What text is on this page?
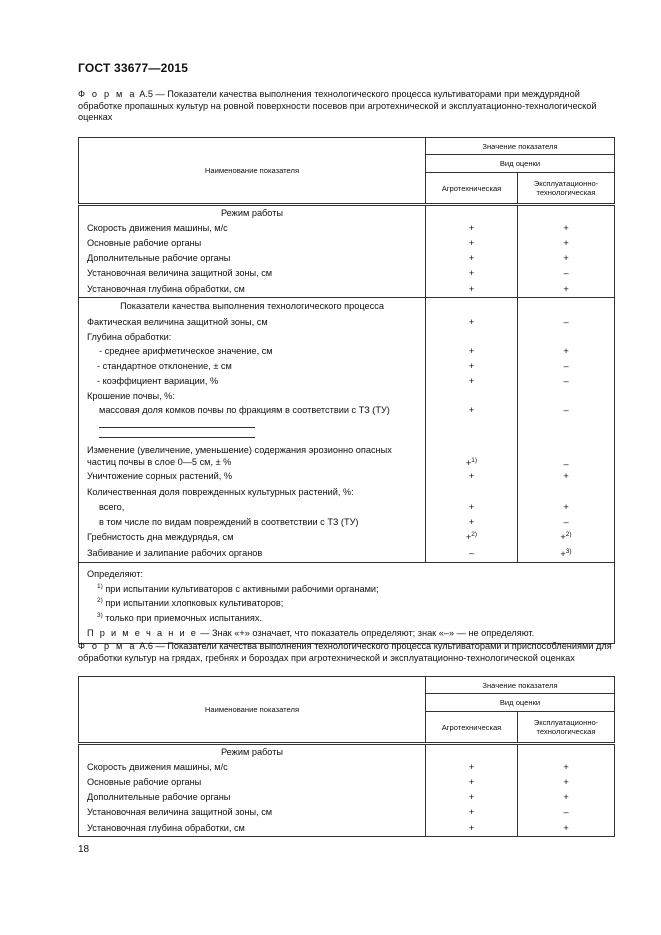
ГОСТ 33677—2015
Ф о р м а А.5 — Показатели качества выполнения технологического процесса культиваторами при междурядной обработке пропашных культур на ровной поверхности посевов при агротехнической и эксплуатационно-технологической оценках
Наименование показателя	Значение показателя	
	Вид оценки	
	Агротехническая	Эксплуатационно-
технологическая
Режим работы		
Скорость движения машины, м/с	+	+
Основные рабочие органы	+	+
Дополнительные рабочие органы	+	+
Установочная величина защитной зоны, см	+	–
Установочная глубина обработки, см	+	+
Показатели качества выполнения технологического процесса		
Фактическая величина защитной зоны, см	+	–
Глубина обработки:		
- среднее арифметическое значение, см	+	+
- стандартное отклонение, ± см	+	–
- коэффициент вариации, %	+	–
Крошение почвы, %:		
массовая доля комков почвы по фракциям в соответствии с ТЗ (ТУ)	+	–

Изменение (увеличение, уменьшение) содержания эрозионно опасных
частиц почвы в слое 0—5 см, ± %	+$^{1)}$	–
Уничтожение сорных растений, %	+	+
Количественная доля поврежденных культурных растений, %:		
всего,	+	+
в том числе по видам повреждений в соответствии с ТЗ (ТУ)	+	–
Гребнистость дна междурядья, см	+$^{2)}$	+$^{2)}$
Забивание и залипание рабочих органов	–	+$^{3)}$

Определяют:
$^{1)}$ при испытании культиваторов с активными рабочими органами;
$^{2)}$ при испытании хлопковых культиваторов;
$^{3)}$ только при приемочных испытаниях.
П р и м е ч а н и е — Знак «+» означает, что показатель определяют; знак «–» — не определяют.		
Ф о р м а А.6 — Показатели качества выполнения технологического процесса культиваторами и приспособлениями для обработки культур на грядах, гребнях и бороздах при агротехнической и эксплуатационно-технологической оценках
Наименование показателя	Значение показателя	
	Вид оценки	
	Агротехническая	Эксплуатационно-
технологическая
Режим работы		
Скорость движения машины, м/с	+	+
Основные рабочие органы	+	+
Дополнительные рабочие органы	+	+
Установочная величина защитной зоны, см	+	–
Установочная глубина обработки, см	+	+
18
